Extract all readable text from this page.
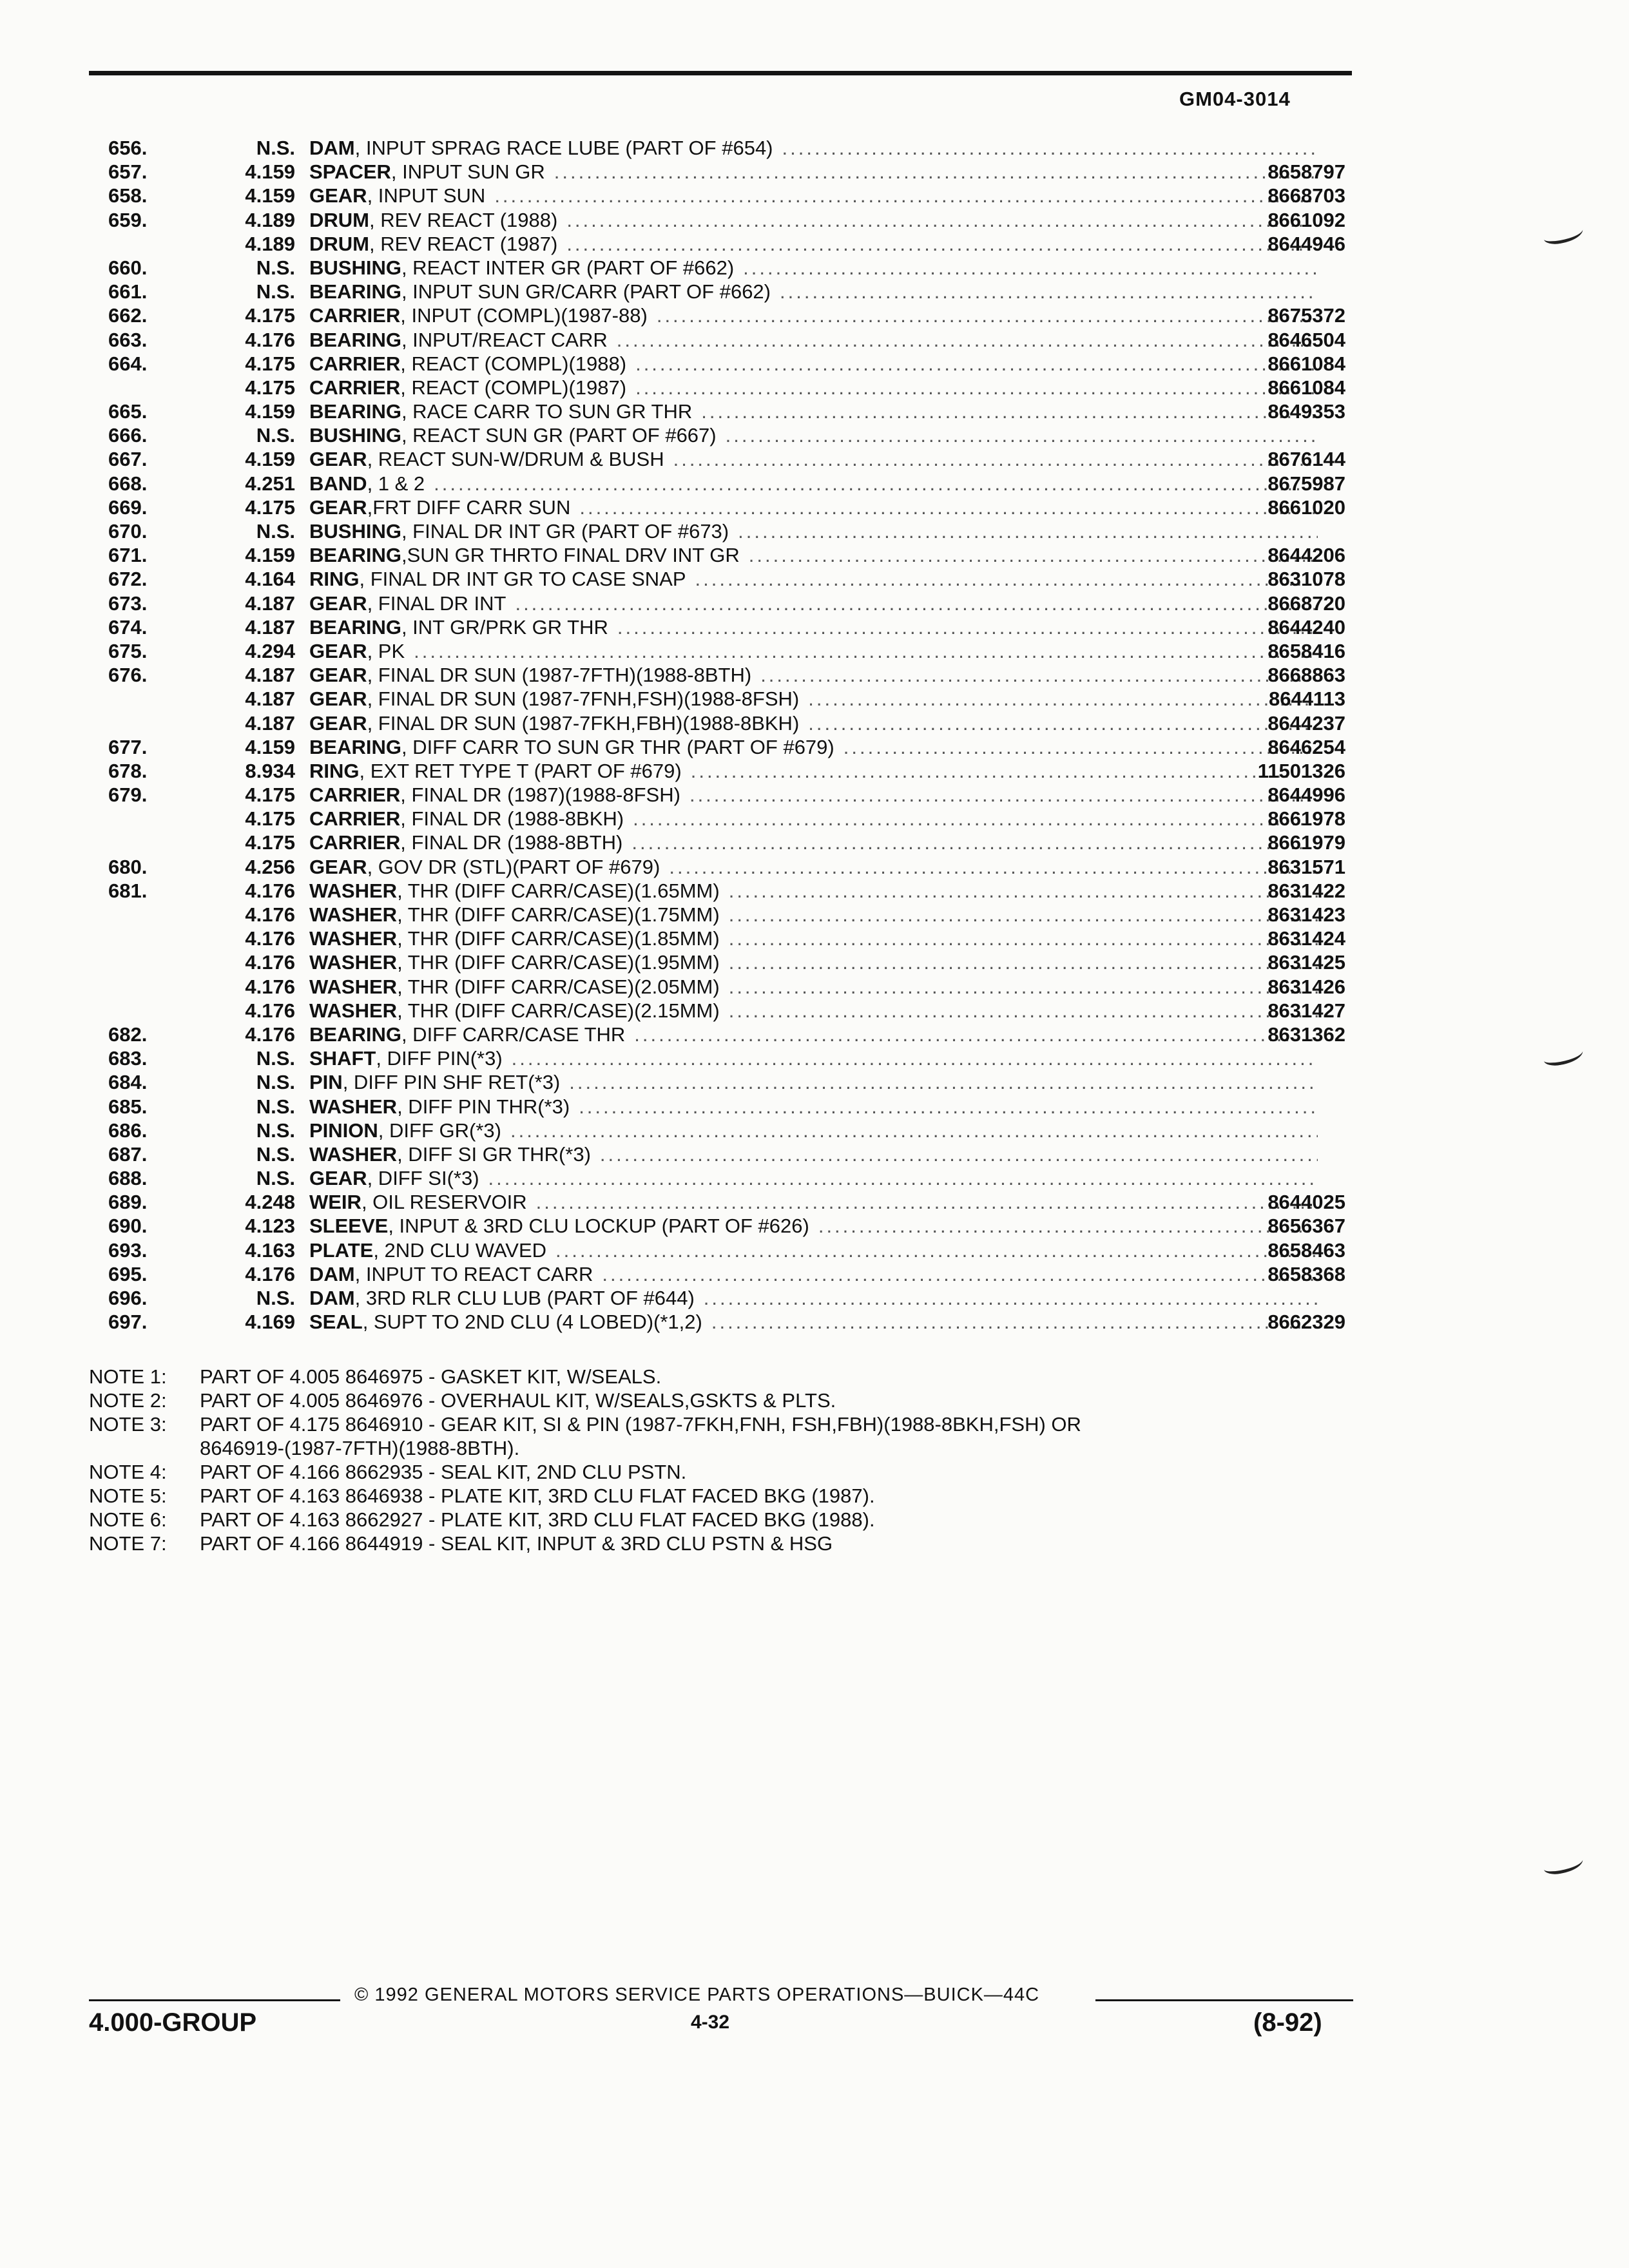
GM04-3014
656.	N.S. DAM , INPUT SPRAG RACE LUBE (PART OF #654)
.....
657.	4.159 SPACER , INPUT SUN GR .....	8658797
658.	4.159 GEAR , INPUT SUN .....	8668703
659.	4.189 DRUM , REV REACT (1988) .....	8661092
4.189 DRUM , REV REACT (1987) .....	8644946
660.	N.S. BUSHING , REACT INTER GR (PART OF #662)
.....
661.	N.S. BEARING , INPUT SUN GR/CARR (PART OF #662)
.....
662.	4.175 CARRIER , INPUT (COMPL)(1987-88) .....	8675372
663.	4.176 BEARING , INPUT/REACT CARR .....	8646504
664.	4.175 CARRIER , REACT (COMPL)(1988) .....	8661084
4.175 CARRIER , REACT (COMPL)(1987) .....	8661084
665.	4.159 BEARING , RACE CARR TO SUN GR THR .....	8649353
666.	N.S. BUSHING , REACT SUN GR (PART OF #667)
.....
667.	4.159 GEAR , REACT SUN-W/DRUM & BUSH .....	8676144
668.	4.251 BAND , 1 & 2 .....	8675987
669.	4.175 GEAR ,FRT DIFF CARR SUN .....	8661020
670.	N.S. BUSHING , FINAL DR INT GR (PART OF #673)
.....
671.	4.159 BEARING ,SUN GR THRTO FINAL DRV INT GR .....	8644206
672.	4.164 RING , FINAL DR INT GR TO CASE SNAP .....	8631078
673.	4.187 GEAR , FINAL DR INT .....	8668720
674.	4.187 BEARING , INT GR/PRK GR THR .....	8644240
675.	4.294 GEAR , PK .....	8658416
676.	4.187 GEAR , FINAL DR SUN (1987-7FTH)(1988-8BTH) .....	8668863
4.187 GEAR , FINAL DR SUN (1987-7FNH,FSH)(1988-8FSH) .....	8644113
4.187 GEAR , FINAL DR SUN (1987-7FKH,FBH)(1988-8BKH) .....	8644237
677.	4.159 BEARING , DIFF CARR TO SUN GR THR (PART OF #679) .....	8646254
678.	8.934 RING , EXT RET TYPE T (PART OF #679) .....	11501326
679.	4.175 CARRIER , FINAL DR (1987)(1988-8FSH) .....	8644996
4.175 CARRIER , FINAL DR (1988-8BKH) .....	8661978
4.175 CARRIER , FINAL DR (1988-8BTH) .....	8661979
680.	4.256 GEAR , GOV DR (STL)(PART OF #679) .....	8631571
681.	4.176 WASHER , THR (DIFF CARR/CASE)(1.65MM) .....	8631422
4.176 WASHER , THR (DIFF CARR/CASE)(1.75MM) .....	8631423
4.176 WASHER , THR (DIFF CARR/CASE)(1.85MM) .....	8631424
4.176 WASHER , THR (DIFF CARR/CASE)(1.95MM) .....	8631425
4.176 WASHER , THR (DIFF CARR/CASE)(2.05MM) .....	8631426
4.176 WASHER , THR (DIFF CARR/CASE)(2.15MM) .....	8631427
682.	4.176 BEARING , DIFF CARR/CASE THR .....	8631362
683.	N.S. SHAFT , DIFF PIN(*3)
.....
684.	N.S. PIN , DIFF PIN SHF RET(*3)
.....
685.	N.S. WASHER , DIFF PIN THR(*3)
.....
686.	N.S. PINION , DIFF GR(*3)
.....
687.	N.S. WASHER , DIFF SI GR THR(*3)
.....
688.	N.S. GEAR , DIFF SI(*3)
.....
689.	4.248 WEIR , OIL RESERVOIR .....	8644025
690.	4.123 SLEEVE , INPUT & 3RD CLU LOCKUP (PART OF #626) .....	8656367
693.	4.163 PLATE , 2ND CLU WAVED .....	8658463
695.	4.176 DAM , INPUT TO REACT CARR .....	8658368
696.	N.S. DAM , 3RD RLR CLU LUB (PART OF #644)
.....
697.	4.169 SEAL , SUPT TO 2ND CLU (4 LOBED)(*1,2) .....	8662329
NOTE 1:	PART OF 4.005 8646975 - GASKET KIT, W/SEALS.
NOTE 2:	PART OF 4.005 8646976 - OVERHAUL KIT, W/SEALS,GSKTS & PLTS.
NOTE 3:	PART OF 4.175 8646910 - GEAR KIT, SI & PIN (1987-7FKH,FNH, FSH,FBH)(1988-8BKH,FSH) OR
8646919-(1987-7FTH)(1988-8BTH).
NOTE 4:	PART OF 4.166 8662935 - SEAL KIT, 2ND CLU PSTN.
NOTE 5:	PART OF 4.163 8646938 - PLATE KIT, 3RD CLU FLAT FACED BKG (1987).
NOTE 6:	PART OF 4.163 8662927 - PLATE KIT, 3RD CLU FLAT FACED BKG (1988).
NOTE 7:	PART OF 4.166 8644919 - SEAL KIT, INPUT & 3RD CLU PSTN & HSG
© 1992 GENERAL MOTORS SERVICE PARTS OPERATIONS—BUICK—44C
4.000-GROUP	4-32	(8-92)
